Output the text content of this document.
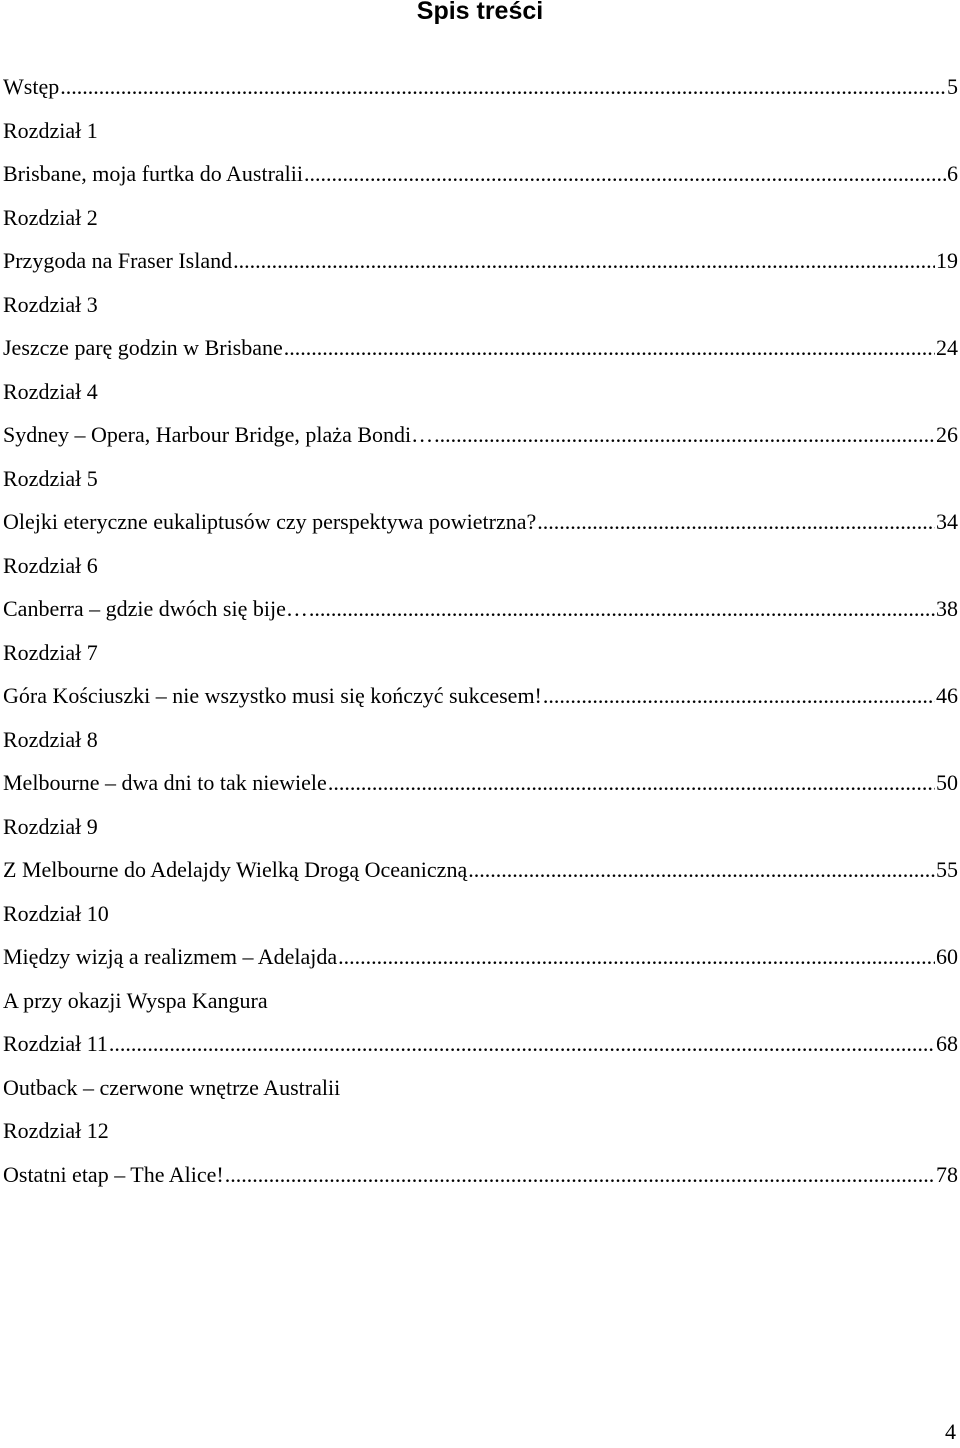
Spis treści
Wstęp .....	5
Rozdział 1
Brisbane, moja furtka do Australii .....	6
Rozdział 2
Przygoda na Fraser Island .....	19
Rozdział 3
Jeszcze parę godzin w Brisbane .....	24
Rozdział 4
Sydney – Opera, Harbour Bridge, plaża Bondi… .....	26
Rozdział 5
Olejki eteryczne eukaliptusów czy perspektywa powietrzna? .....	34
Rozdział 6
Canberra – gdzie dwóch się bije… .....	38
Rozdział 7
Góra Kościuszki – nie wszystko musi się kończyć sukcesem! .....	46
Rozdział 8
Melbourne – dwa dni to tak niewiele .....	50
Rozdział 9
Z Melbourne do Adelajdy Wielką Drogą Oceaniczną .....	55
Rozdział 10
Między wizją a realizmem – Adelajda .....	60
A przy okazji Wyspa Kangura
Rozdział 11 .....	68
Outback – czerwone wnętrze Australii
Rozdział 12
Ostatni etap – The Alice! .....	78
4
